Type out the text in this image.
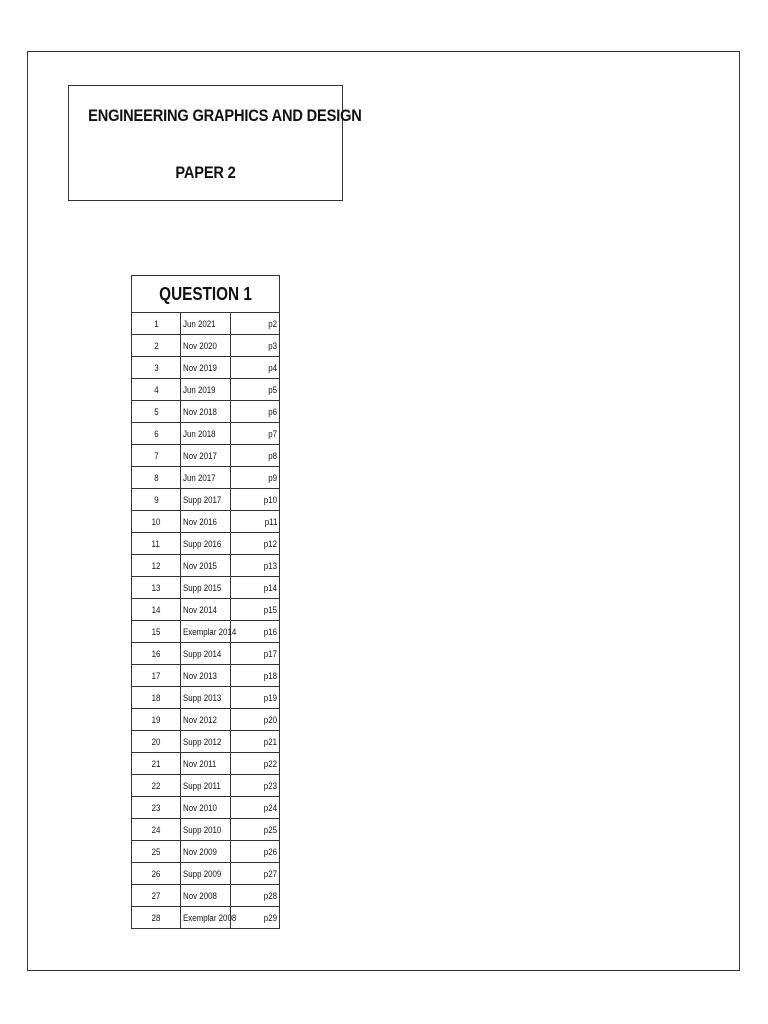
ENGINEERING GRAPHICS AND DESIGN
PAPER 2
QUESTION 1		
1	Jun 2021	p2
2	Nov 2020	p3
3	Nov 2019	p4
4	Jun 2019	p5
5	Nov 2018	p6
6	Jun 2018	p7
7	Nov 2017	p8
8	Jun 2017	p9
9	Supp 2017	p10
10	Nov 2016	p11
11	Supp 2016	p12
12	Nov 2015	p13
13	Supp 2015	p14
14	Nov 2014	p15
15	Exemplar 2014	p16
16	Supp 2014	p17
17	Nov 2013	p18
18	Supp 2013	p19
19	Nov 2012	p20
20	Supp 2012	p21
21	Nov 2011	p22
22	Supp 2011	p23
23	Nov 2010	p24
24	Supp 2010	p25
25	Nov 2009	p26
26	Supp 2009	p27
27	Nov 2008	p28
28	Exemplar 2008	p29
